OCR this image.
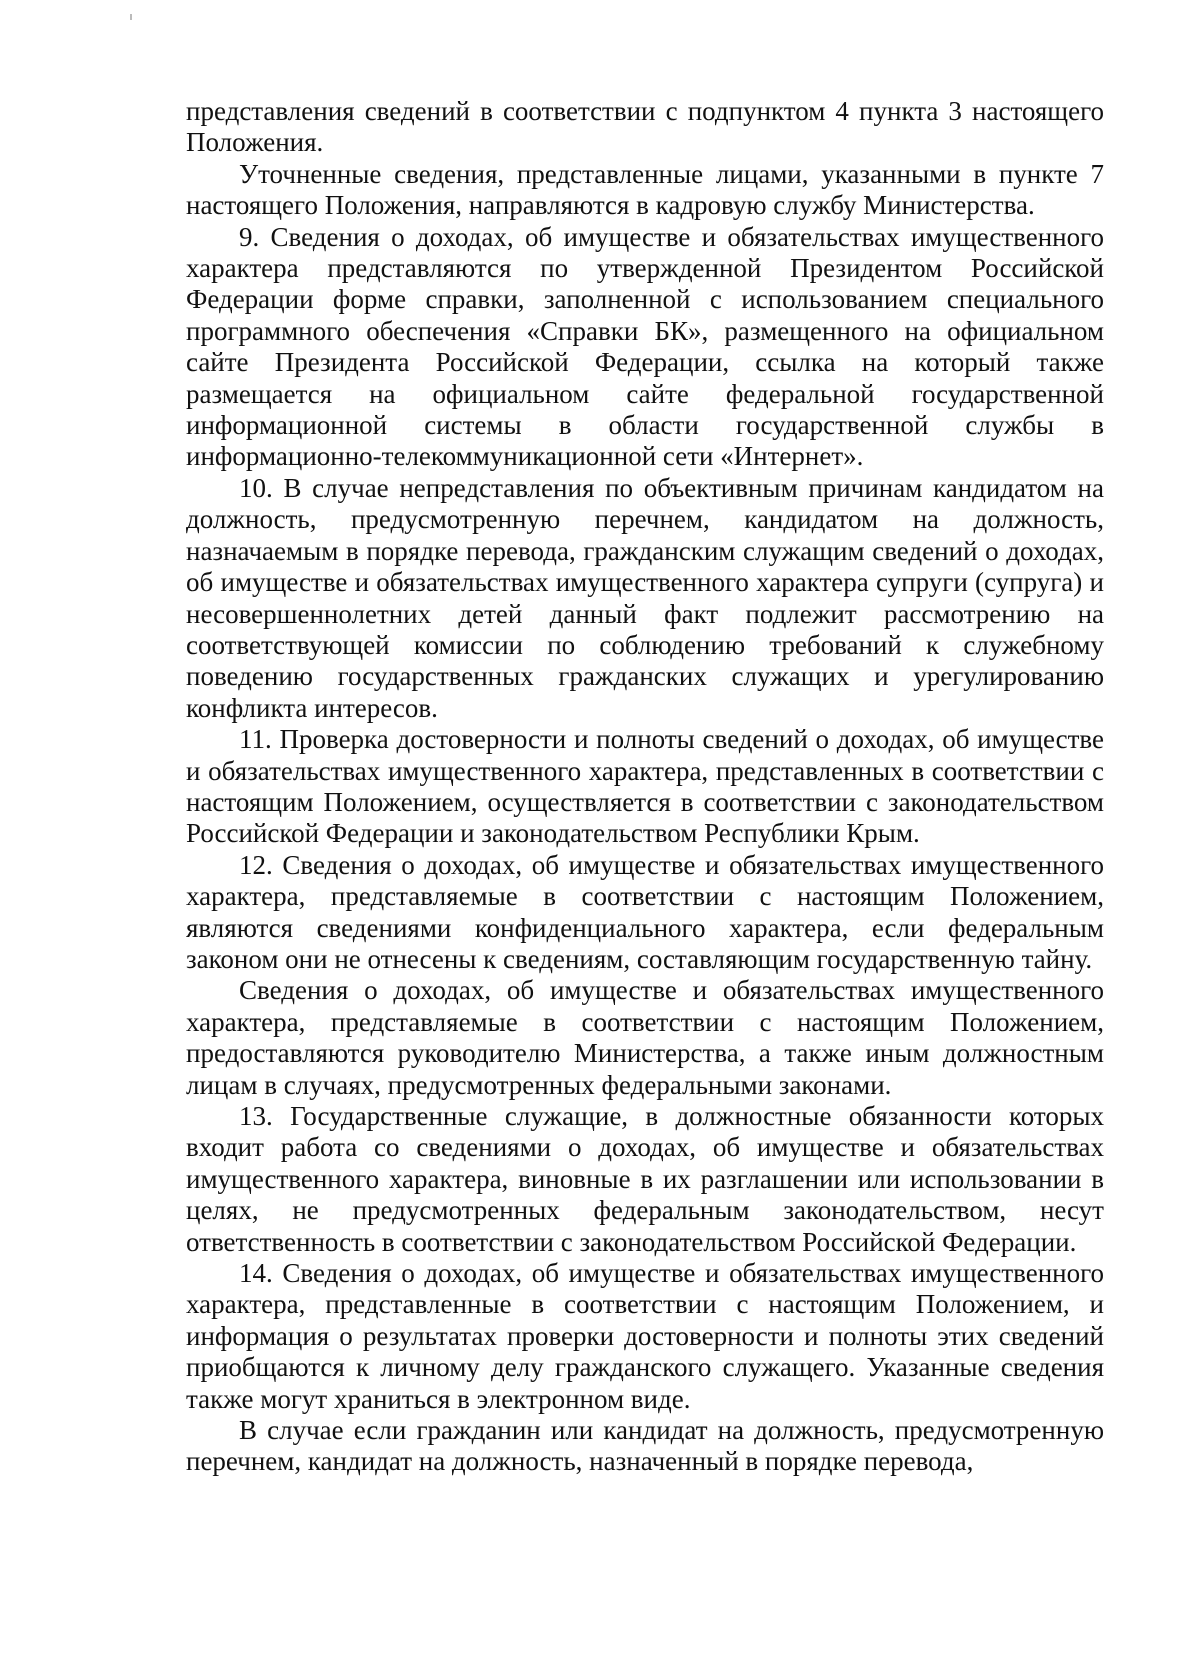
представления сведений в соответствии с подпунктом 4 пункта 3 настоящего Положения.

Уточненные сведения, представленные лицами, указанными в пункте 7 настоящего Положения, направляются в кадровую службу Министерства.

9. Сведения о доходах, об имуществе и обязательствах имущественного характера представляются по утвержденной Президентом Российской Федерации форме справки, заполненной с использованием специального программного обеспечения «Справки БК», размещенного на официальном сайте Президента Российской Федерации, ссылка на который также размещается на официальном сайте федеральной государственной информационной системы в области государственной службы в информационно-телекоммуникационной сети «Интернет».

10. В случае непредставления по объективным причинам кандидатом на должность, предусмотренную перечнем, кандидатом на должность, назначаемым в порядке перевода, гражданским служащим сведений о доходах, об имуществе и обязательствах имущественного характера супруги (супруга) и несовершеннолетних детей данный факт подлежит рассмотрению на соответствующей комиссии по соблюдению требований к служебному поведению государственных гражданских служащих и урегулированию конфликта интересов.

11. Проверка достоверности и полноты сведений о доходах, об имуществе и обязательствах имущественного характера, представленных в соответствии с настоящим Положением, осуществляется в соответствии с законодательством Российской Федерации и законодательством Республики Крым.

12. Сведения о доходах, об имуществе и обязательствах имущественного характера, представляемые в соответствии с настоящим Положением, являются сведениями конфиденциального характера, если федеральным законом они не отнесены к сведениям, составляющим государственную тайну.

Сведения о доходах, об имуществе и обязательствах имущественного характера, представляемые в соответствии с настоящим Положением, предоставляются руководителю Министерства, а также иным должностным лицам в случаях, предусмотренных федеральными законами.

13. Государственные служащие, в должностные обязанности которых входит работа со сведениями о доходах, об имуществе и обязательствах имущественного характера, виновные в их разглашении или использовании в целях, не предусмотренных федеральным законодательством, несут ответственность в соответствии с законодательством Российской Федерации.

14. Сведения о доходах, об имуществе и обязательствах имущественного характера, представленные в соответствии с настоящим Положением, и информация о результатах проверки достоверности и полноты этих сведений приобщаются к личному делу гражданского служащего. Указанные сведения также могут храниться в электронном виде.

В случае если гражданин или кандидат на должность, предусмотренную перечнем, кандидат на должность, назначенный в порядке перевода,
